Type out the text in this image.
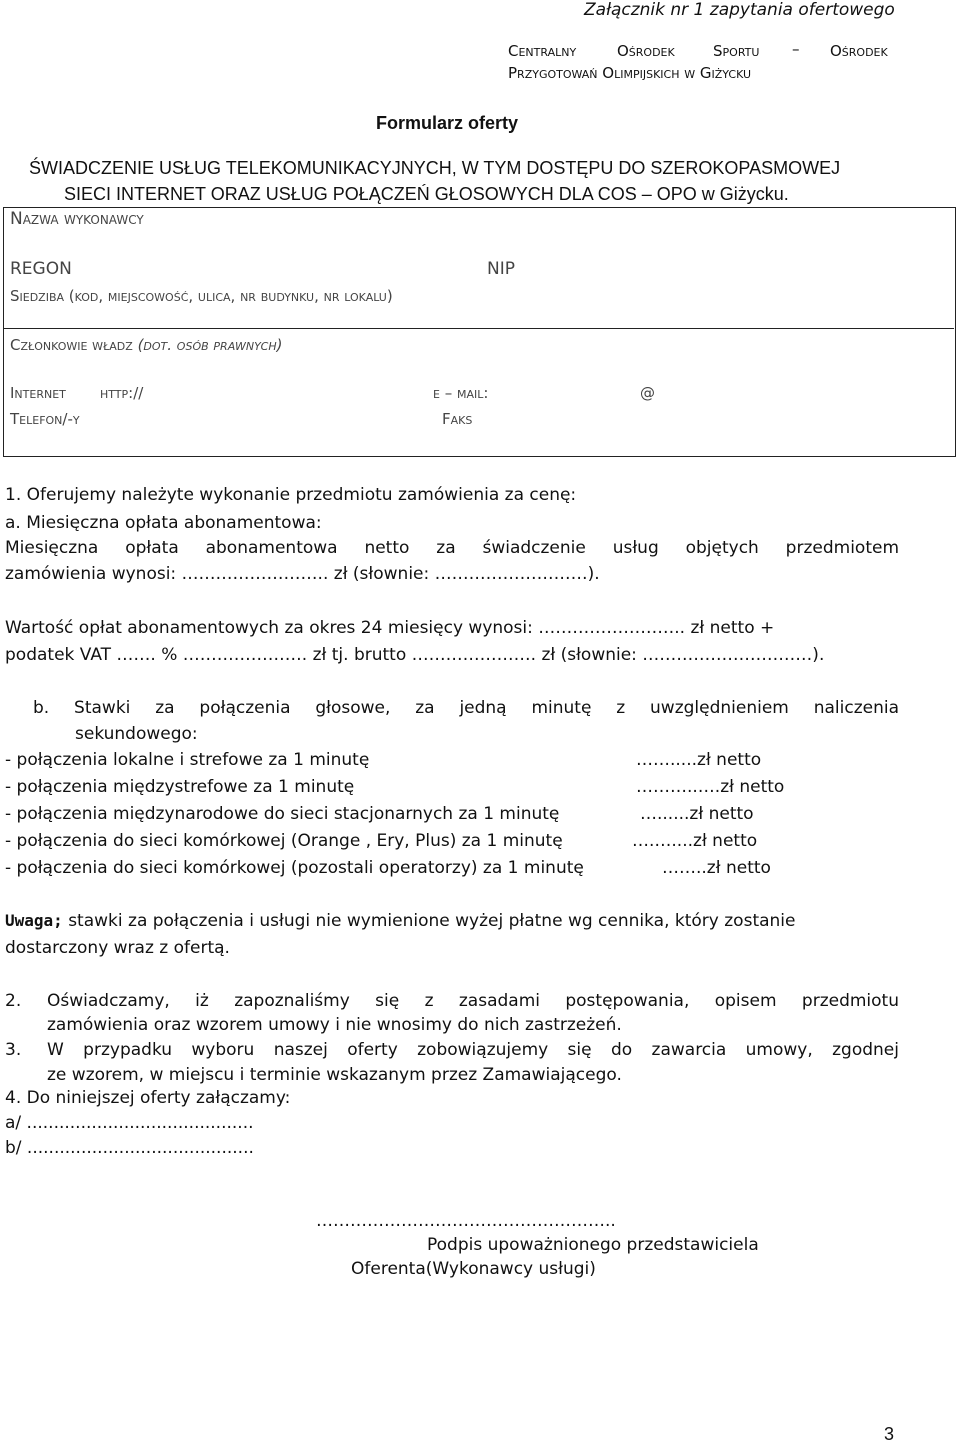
Załącznik nr 1 zapytania ofertowego
Centralny	Ośrodek	Sportu – Ośrodek
Przygotowań Olimpijskich w Giżycku
Formularz oferty
ŚWIADCZENIE USŁUG TELEKOMUNIKACYJNYCH, W TYM DOSTĘPU DO SZEROKOPASMOWEJ
SIECI INTERNET ORAZ USŁUG POŁĄCZEŃ GŁOSOWYCH DLA COS – OPO w Giżycku.
Nazwa wykonawcy
REGON	NIP
Siedziba (kod, miejscowość, ulica, nr budynku, nr lokalu)
Członkowie władz (dot. osób prawnych)
Internet http://	e – mail:	@
Telefon/-y	Faks
1. Oferujemy należyte wykonanie przedmiotu zamówienia za cenę:
a. Miesięczna opłata abonamentowa:
Miesięczna opłata abonamentowa netto za świadczenie usług objętych przedmiotem
zamówienia wynosi: …………………….. zł (słownie: ………………………).
Wartość opłat abonamentowych za okres 24 miesięcy wynosi: …………………….. zł netto +
podatek VAT ……. % …………………. zł tj. brutto …………………. zł (słownie: …………………………).
b. Stawki za połączenia głosowe, za jedną minutę z uwzględnieniem naliczenia
sekundowego:
- połączenia lokalne i strefowe za 1 minutę	…….....zł netto
- połączenia międzystrefowe za 1 minutę	………..….zł netto
- połączenia międzynarodowe do sieci stacjonarnych za 1 minutę	…......zł netto
- połączenia do sieci komórkowej (Orange , Ery, Plus) za 1 minutę	….…....zł netto
- połączenia do sieci komórkowej (pozostali operatorzy) za 1 minutę	……..zł netto
Uwaga; stawki za połączenia i usługi nie wymienione wyżej płatne wg cennika, który zostanie
dostarczony wraz z ofertą.
2. Oświadczamy, iż zapoznaliśmy się z zasadami postępowania, opisem przedmiotu
zamówienia oraz wzorem umowy i nie wnosimy do nich zastrzeżeń.
3. W przypadku wyboru naszej oferty zobowiązujemy się do zawarcia umowy, zgodnej
ze wzorem, w miejscu i terminie wskazanym przez Zamawiającego.
4. Do niniejszej oferty załączamy:
a/ ..........................................
b/ ..........................................
……………………………………………..
Podpis upoważnionego przedstawiciela
Oferenta(Wykonawcy usługi)
3
